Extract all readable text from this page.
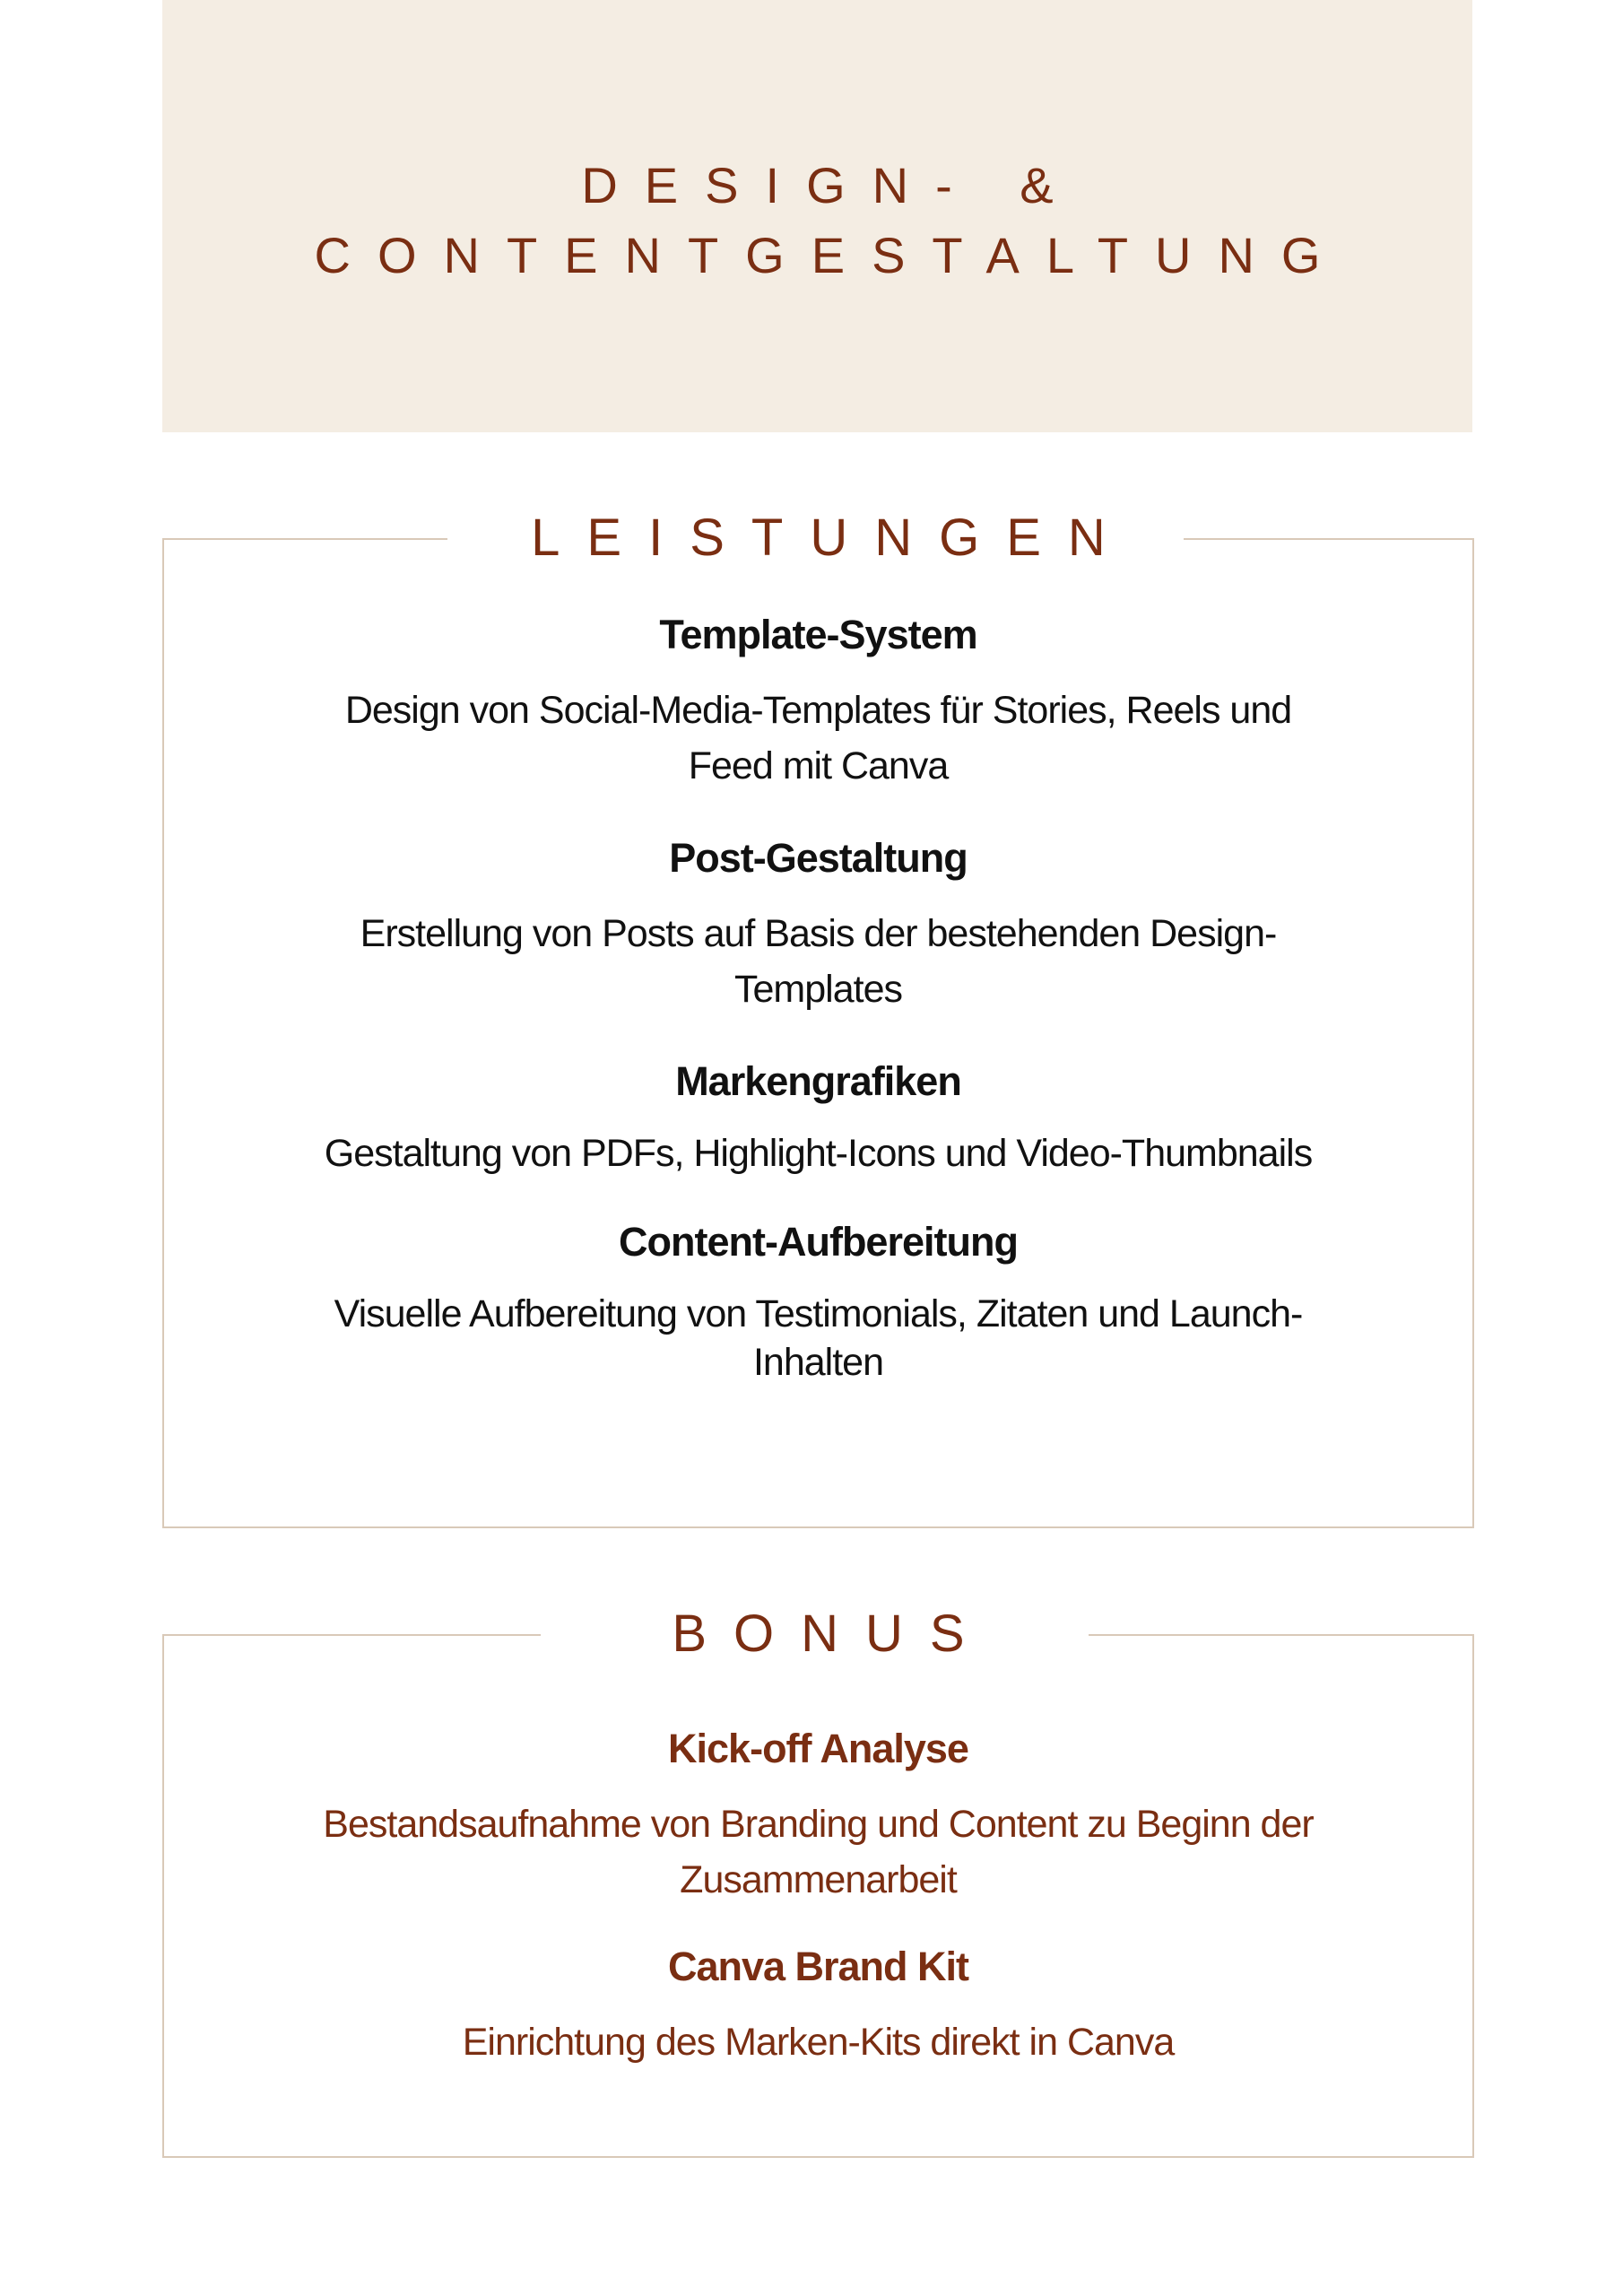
DESIGN- &
CONTENTGESTALTUNG
LEISTUNGEN

Template-System

Design von Social-Media-Templates für Stories, Reels und Feed mit Canva

Post-Gestaltung

Erstellung von Posts auf Basis der bestehenden Design-Templates

Markengrafiken

Gestaltung von PDFs, Highlight-Icons und Video-Thumbnails

Content-Aufbereitung

Visuelle Aufbereitung von Testimonials, Zitaten und Launch-Inhalten

BONUS

Kick-off Analyse

Bestandsaufnahme von Branding und Content zu Beginn der Zusammenarbeit

Canva Brand Kit

Einrichtung des Marken-Kits direkt in Canva
